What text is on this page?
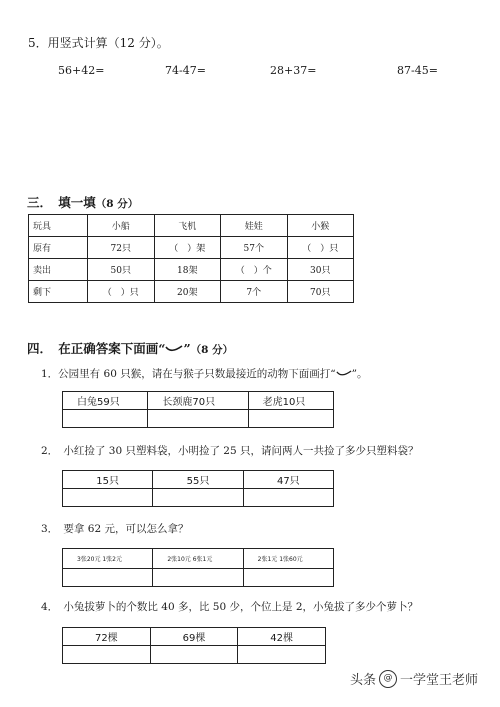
5．用竖式计算（12 分）。
56+42=	74-47=	28+37=	87-45=
三．　填一填（8 分）
玩具	小船	飞机	娃娃	小猴
原有	72只	（　）架	57个	（　）只
卖出	50只	18架	（　）个	30只
剩下	（　）只	20架	7个	70只
四．　在正确答案下面画“ ”（8 分）
1．公园里有 60 只猴，请在与猴子只数最接近的动物下面画打“ ”。
白兔59只	长颈鹿70只	老虎10只

2．　小红捡了 30 只塑料袋，小明捡了 25 只，请问两人一共捡了多少只塑料袋？
15只	55只	47只

3．　要拿 62 元，可以怎么拿？
3张20元 1张2元	2张10元 6张1元	2张1元 1张60元

4．　小兔拔萝卜的个数比 40 多，比 50 少，个位上是 2，小兔拔了多少个萝卜？
72棵	69棵	42棵

头条 @ 一学堂王老师
